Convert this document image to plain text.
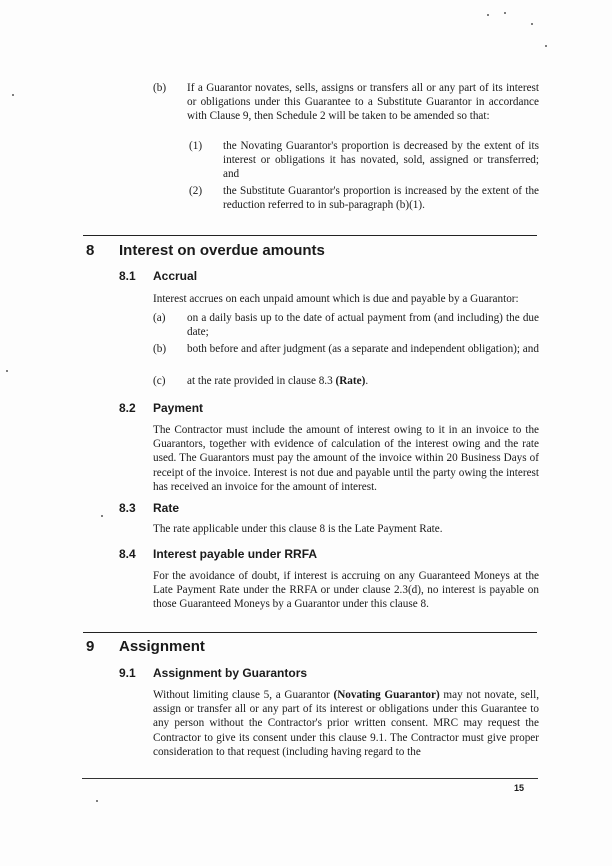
(b) If a Guarantor novates, sells, assigns or transfers all or any part of its interest or obligations under this Guarantee to a Substitute Guarantor in accordance with Clause 9, then Schedule 2 will be taken to be amended so that:
(1) the Novating Guarantor's proportion is decreased by the extent of its interest or obligations it has novated, sold, assigned or transferred; and
(2) the Substitute Guarantor's proportion is increased by the extent of the reduction referred to in sub-paragraph (b)(1).
8 Interest on overdue amounts
8.1 Accrual
Interest accrues on each unpaid amount which is due and payable by a Guarantor:
(a) on a daily basis up to the date of actual payment from (and including) the due date;
(b) both before and after judgment (as a separate and independent obligation); and
(c) at the rate provided in clause 8.3 (Rate).
8.2 Payment
The Contractor must include the amount of interest owing to it in an invoice to the Guarantors, together with evidence of calculation of the interest owing and the rate used. The Guarantors must pay the amount of the invoice within 20 Business Days of receipt of the invoice. Interest is not due and payable until the party owing the interest has received an invoice for the amount of interest.
8.3 Rate
The rate applicable under this clause 8 is the Late Payment Rate.
8.4 Interest payable under RRFA
For the avoidance of doubt, if interest is accruing on any Guaranteed Moneys at the Late Payment Rate under the RRFA or under clause 2.3(d), no interest is payable on those Guaranteed Moneys by a Guarantor under this clause 8.
9 Assignment
9.1 Assignment by Guarantors
Without limiting clause 5, a Guarantor (Novating Guarantor) may not novate, sell, assign or transfer all or any part of its interest or obligations under this Guarantee to any person without the Contractor's prior written consent. MRC may request the Contractor to give its consent under this clause 9.1. The Contractor must give proper consideration to that request (including having regard to the
15
